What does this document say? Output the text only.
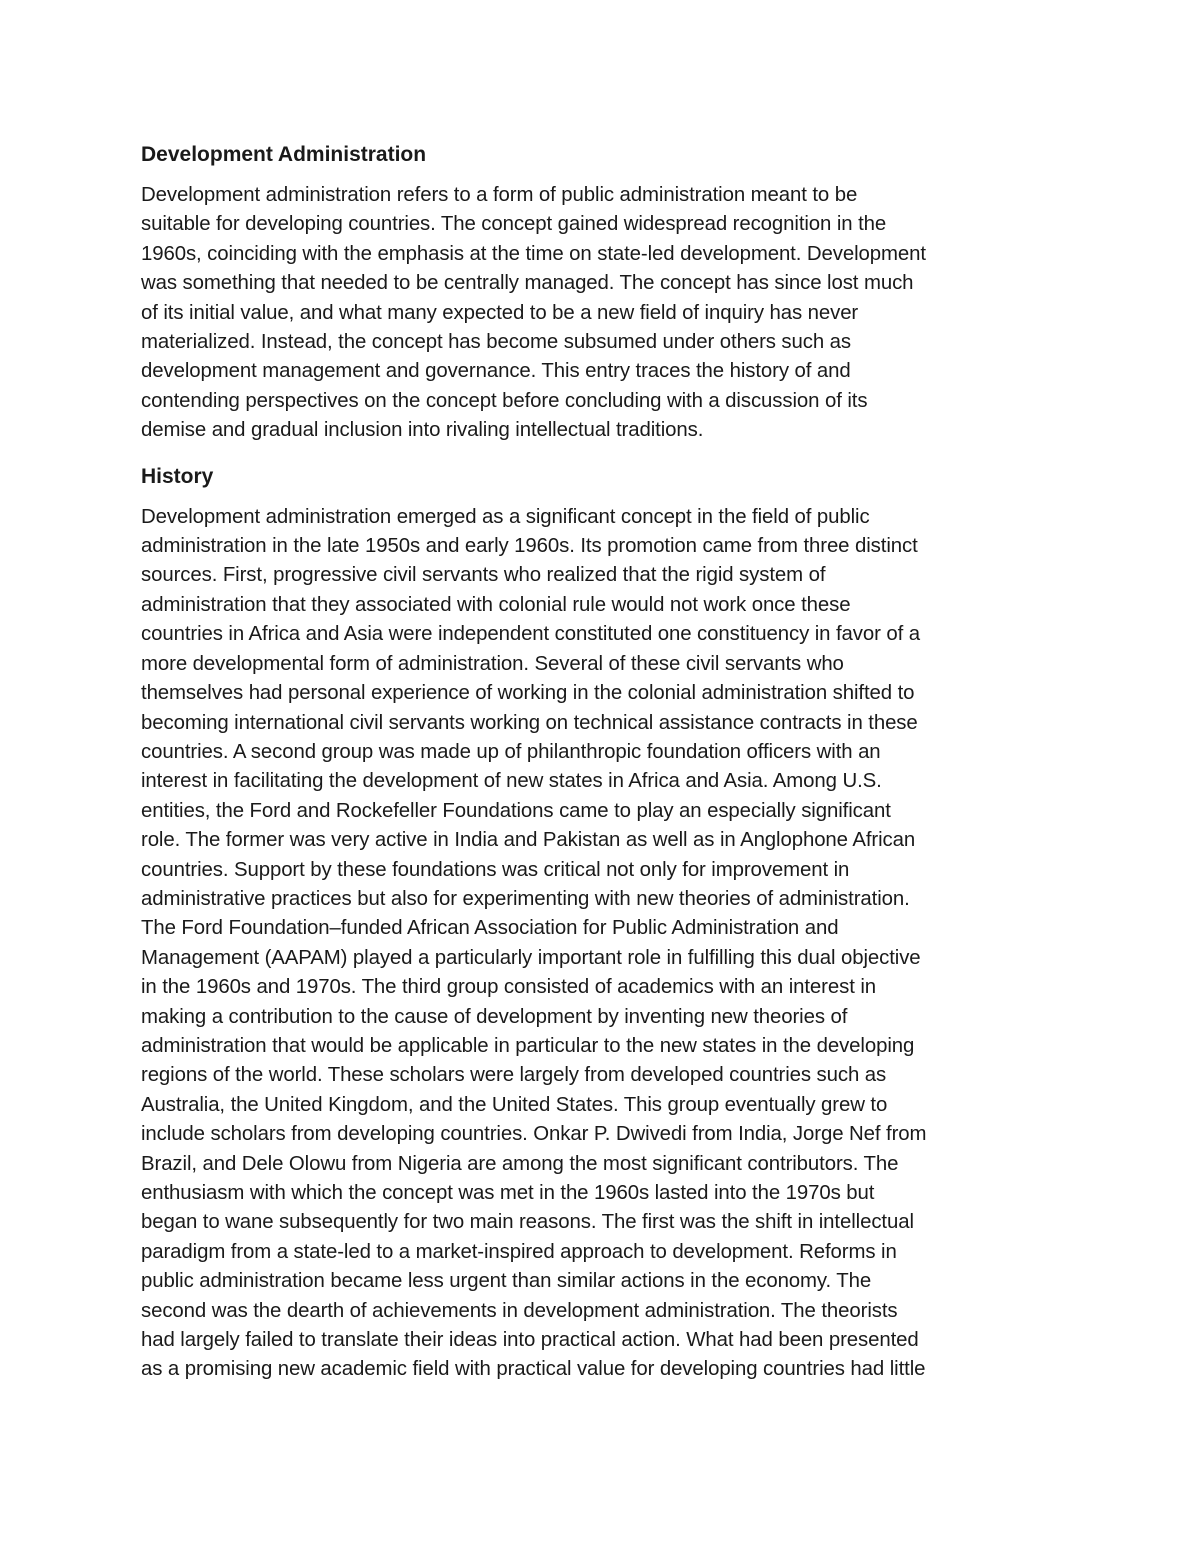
Development Administration

Development administration refers to a form of public administration meant to be
suitable for developing countries. The concept gained widespread recognition in the
1960s, coinciding with the emphasis at the time on state-led development. Development
was something that needed to be centrally managed. The concept has since lost much
of its initial value, and what many expected to be a new field of inquiry has never
materialized. Instead, the concept has become subsumed under others such as
development management and governance. This entry traces the history of and
contending perspectives on the concept before concluding with a discussion of its
demise and gradual inclusion into rivaling intellectual traditions.

History

Development administration emerged as a significant concept in the field of public
administration in the late 1950s and early 1960s. Its promotion came from three distinct
sources. First, progressive civil servants who realized that the rigid system of
administration that they associated with colonial rule would not work once these
countries in Africa and Asia were independent constituted one constituency in favor of a
more developmental form of administration. Several of these civil servants who
themselves had personal experience of working in the colonial administration shifted to
becoming international civil servants working on technical assistance contracts in these
countries. A second group was made up of philanthropic foundation officers with an
interest in facilitating the development of new states in Africa and Asia. Among U.S.
entities, the Ford and Rockefeller Foundations came to play an especially significant
role. The former was very active in India and Pakistan as well as in Anglophone African
countries. Support by these foundations was critical not only for improvement in
administrative practices but also for experimenting with new theories of administration.
The Ford Foundation–funded African Association for Public Administration and
Management (AAPAM) played a particularly important role in fulfilling this dual objective
in the 1960s and 1970s. The third group consisted of academics with an interest in
making a contribution to the cause of development by inventing new theories of
administration that would be applicable in particular to the new states in the developing
regions of the world. These scholars were largely from developed countries such as
Australia, the United Kingdom, and the United States. This group eventually grew to
include scholars from developing countries. Onkar P. Dwivedi from India, Jorge Nef from
Brazil, and Dele Olowu from Nigeria are among the most significant contributors. The
enthusiasm with which the concept was met in the 1960s lasted into the 1970s but
began to wane subsequently for two main reasons. The first was the shift in intellectual
paradigm from a state-led to a market-inspired approach to development. Reforms in
public administration became less urgent than similar actions in the economy. The
second was the dearth of achievements in development administration. The theorists
had largely failed to translate their ideas into practical action. What had been presented
as a promising new academic field with practical value for developing countries had little
